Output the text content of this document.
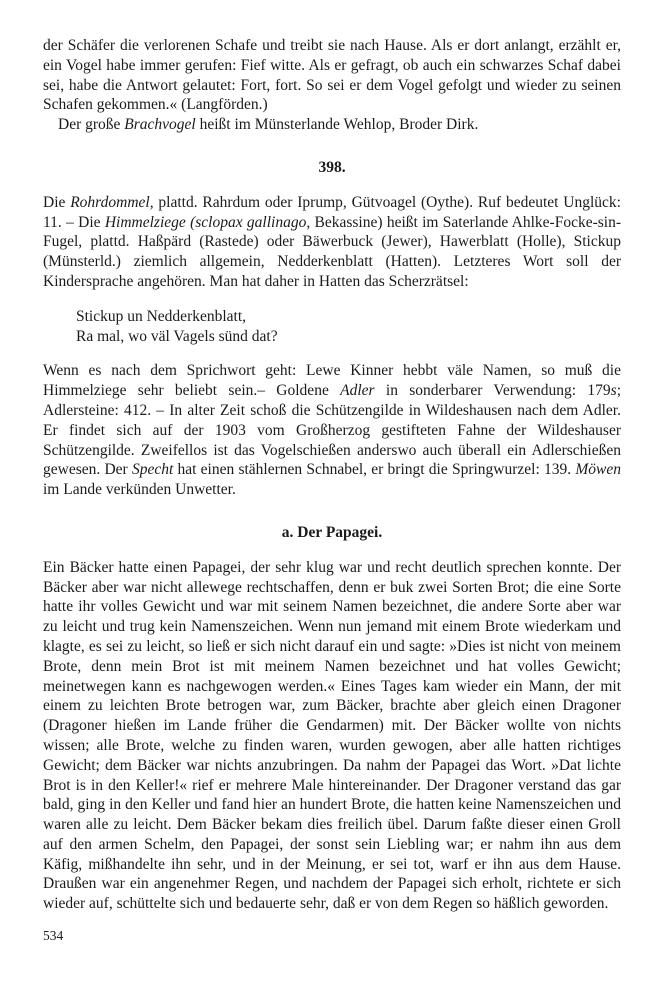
der Schäfer die verlorenen Schafe und treibt sie nach Hause. Als er dort anlangt, erzählt er, ein Vogel habe immer gerufen: Fief witte. Als er gefragt, ob auch ein schwarzes Schaf dabei sei, habe die Antwort gelautet: Fort, fort. So sei er dem Vogel gefolgt und wieder zu seinen Schafen gekommen.« (Langförden.)
Der große Brachvogel heißt im Münsterlande Wehlop, Broder Dirk.
398.
Die Rohrdommel, plattd. Rahrdum oder Iprump, Gütvoagel (Oythe). Ruf bedeutet Unglück: 11. – Die Himmelziege (sclopax gallinago, Bekassine) heißt im Saterlande Ahlke-Focke-sin-Fugel, plattd. Haßpärd (Rastede) oder Bäwerbuck (Jewer), Hawerblatt (Holle), Stickup (Münsterld.) ziemlich allgemein, Nedderkenblatt (Hatten). Letzteres Wort soll der Kindersprache angehören. Man hat daher in Hatten das Scherzrätsel:
Stickup un Nedderkenblatt,
Ra mal, wo väl Vagels sünd dat?
Wenn es nach dem Sprichwort geht: Lewe Kinner hebbt väle Namen, so muß die Himmelziege sehr beliebt sein.– Goldene Adler in sonderbarer Verwendung: 179s; Adlersteine: 412. – In alter Zeit schoß die Schützengilde in Wildeshausen nach dem Adler. Er findet sich auf der 1903 vom Großherzog gestifteten Fahne der Wildeshauser Schützengilde. Zweifellos ist das Vogelschießen anderswo auch überall ein Adlerschießen gewesen. Der Specht hat einen stählernen Schnabel, er bringt die Springwurzel: 139. Möwen im Lande verkünden Unwetter.
a. Der Papagei.
Ein Bäcker hatte einen Papagei, der sehr klug war und recht deutlich sprechen konnte. Der Bäcker aber war nicht allewege rechtschaffen, denn er buk zwei Sorten Brot; die eine Sorte hatte ihr volles Gewicht und war mit seinem Namen bezeichnet, die andere Sorte aber war zu leicht und trug kein Namenszeichen. Wenn nun jemand mit einem Brote wiederkam und klagte, es sei zu leicht, so ließ er sich nicht darauf ein und sagte: »Dies ist nicht von meinem Brote, denn mein Brot ist mit meinem Namen bezeichnet und hat volles Gewicht; meinetwegen kann es nachgewogen werden.« Eines Tages kam wieder ein Mann, der mit einem zu leichten Brote betrogen war, zum Bäcker, brachte aber gleich einen Dragoner (Dragoner hießen im Lande früher die Gendarmen) mit. Der Bäcker wollte von nichts wissen; alle Brote, welche zu finden waren, wurden gewogen, aber alle hatten richtiges Gewicht; dem Bäcker war nichts anzubringen. Da nahm der Papagei das Wort. »Dat lichte Brot is in den Keller!« rief er mehrere Male hintereinander. Der Dragoner verstand das gar bald, ging in den Keller und fand hier an hundert Brote, die hatten keine Namenszeichen und waren alle zu leicht. Dem Bäcker bekam dies freilich übel. Darum faßte dieser einen Groll auf den armen Schelm, den Papagei, der sonst sein Liebling war; er nahm ihn aus dem Käfig, mißhandelte ihn sehr, und in der Meinung, er sei tot, warf er ihn aus dem Hause. Draußen war ein angenehmer Regen, und nachdem der Papagei sich erholt, richtete er sich wieder auf, schüttelte sich und bedauerte sehr, daß er von dem Regen so häßlich geworden.
534
